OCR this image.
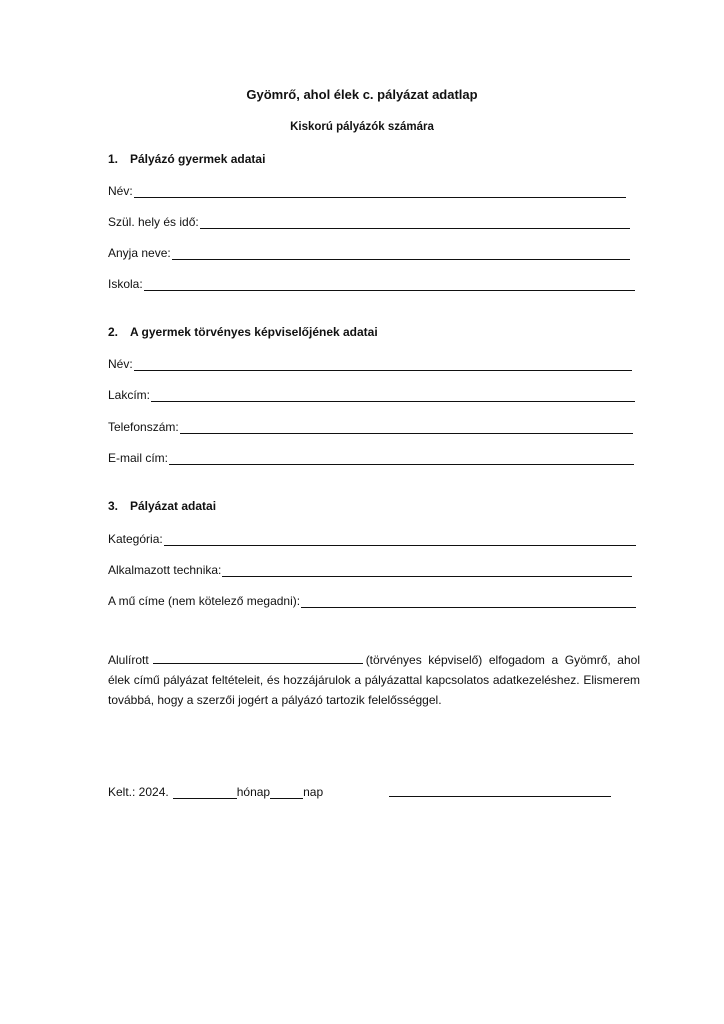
Gyömrő, ahol élek c. pályázat adatlap
Kiskorú pályázók számára
1. Pályázó gyermek adatai
Név:
Szül. hely és idő:
Anyja neve:
Iskola:
2. A gyermek törvényes képviselőjének adatai
Név:
Lakcím:
Telefonszám:
E-mail cím:
3. Pályázat adatai
Kategória:
Alkalmazott technika:
A mű címe (nem kötelező megadni):
Alulírott	(törvényes képviselő) elfogadom a Gyömrő, ahol élek című pályázat feltételeit, és hozzájárulok a pályázattal kapcsolatos adatkezeléshez. Elismerem továbbá, hogy a szerzői jogért a pályázó tartozik felelősséggel.
Kelt.: 2024.	hónap	nap
